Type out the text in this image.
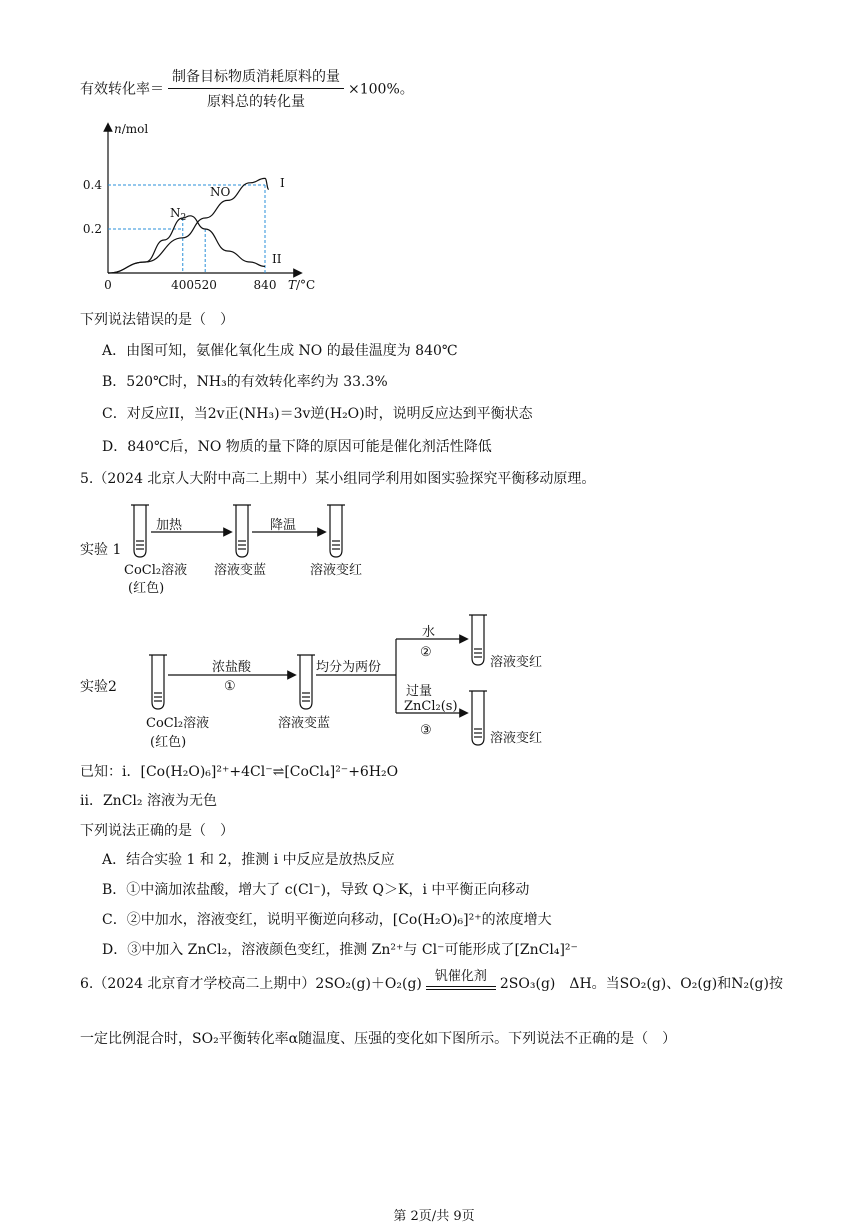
有效转化率＝ $\frac{\text{制备目标物质消耗原料的量}}{\text{原料总的转化量}} \times 100\%$。
n/mol
0.4
0.2
0	400520	840 T/°C
NO
$N_2$
I
II
下列说法错误的是（　）
A．由图可知，氨催化氧化生成 NO 的最佳温度为 840℃
B．520℃时，NH₃的有效转化率约为 33.3%
C．对反应II，当2v正(NH₃)＝3v逆(H₂O)时，说明反应达到平衡状态
D．840℃后，NO 物质的量下降的原因可能是催化剂活性降低
5.（2024 北京人大附中高二上期中）某小组同学利用如图实验探究平衡移动原理。
实验 1
加热	降温
CoCl₂溶液
(红色)
溶液变蓝	溶液变红
实验2
浓盐酸
①
CoCl₂溶液
(红色)
溶液变蓝
均分为两份
水
②
溶液变红
过量
ZnCl₂(s)
③
溶液变红
已知：i．[Co(H₂O)₆]²⁺+4Cl⁻⇌[CoCl₄]²⁻+6H₂O
ii．ZnCl₂ 溶液为无色
下列说法正确的是（　）
A．结合实验 1 和 2，推测 i 中反应是放热反应
B．①中滴加浓盐酸，增大了 c(Cl⁻)，导致 Q＞K，i 中平衡正向移动
C．②中加水，溶液变红，说明平衡逆向移动，[Co(H₂O)₆]²⁺的浓度增大
D．③中加入 ZnCl₂，溶液颜色变红，推测 Zn²⁺与 Cl⁻可能形成了[ZnCl₄]²⁻
6.（2024 北京育才学校高二上期中）2SO₂(g)＋O₂(g) 钒催化剂 2SO₃(g)　ΔH。当SO₂(g)、O₂(g)和N₂(g)按
一定比例混合时，SO₂平衡转化率α随温度、压强的变化如下图所示。下列说法不正确的是（　）
第 2页/共 9页
